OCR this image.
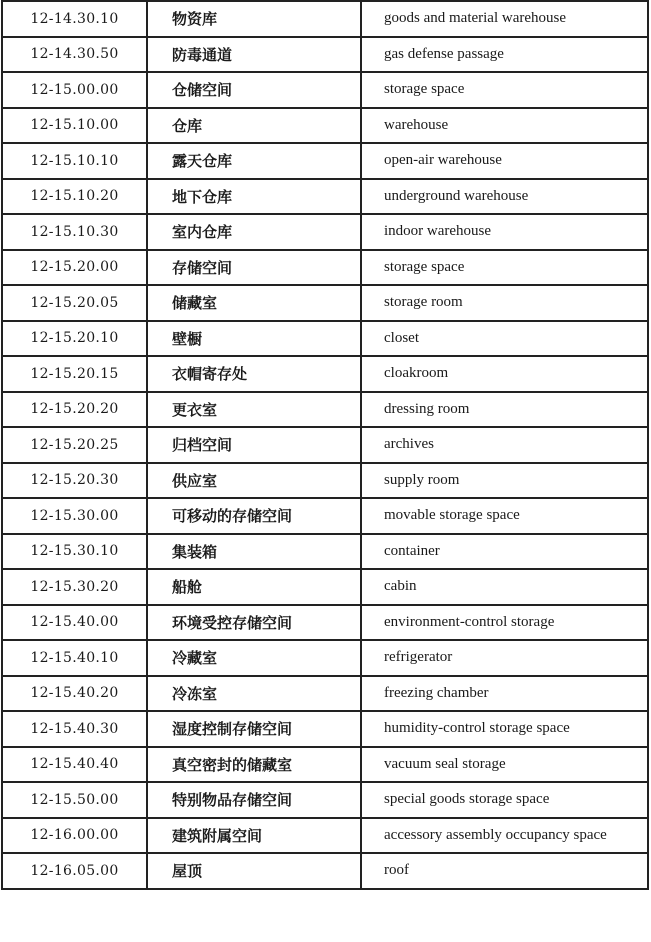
12-14.30.10	物资库	goods and material warehouse
12-14.30.50	防毒通道	gas defense passage
12-15.00.00	仓储空间	storage space
12-15.10.00	仓库	warehouse
12-15.10.10	露天仓库	open-air warehouse
12-15.10.20	地下仓库	underground warehouse
12-15.10.30	室内仓库	indoor warehouse
12-15.20.00	存储空间	storage space
12-15.20.05	储藏室	storage room
12-15.20.10	壁橱	closet
12-15.20.15	衣帽寄存处	cloakroom
12-15.20.20	更衣室	dressing room
12-15.20.25	归档空间	archives
12-15.20.30	供应室	supply room
12-15.30.00	可移动的存储空间	movable storage space
12-15.30.10	集装箱	container
12-15.30.20	船舱	cabin
12-15.40.00	环境受控存储空间	environment-control storage
12-15.40.10	冷藏室	refrigerator
12-15.40.20	冷冻室	freezing chamber
12-15.40.30	湿度控制存储空间	humidity-control storage space
12-15.40.40	真空密封的储藏室	vacuum seal storage
12-15.50.00	特别物品存储空间	special goods storage space
12-16.00.00	建筑附属空间	accessory assembly occupancy space
12-16.05.00	屋顶	roof
